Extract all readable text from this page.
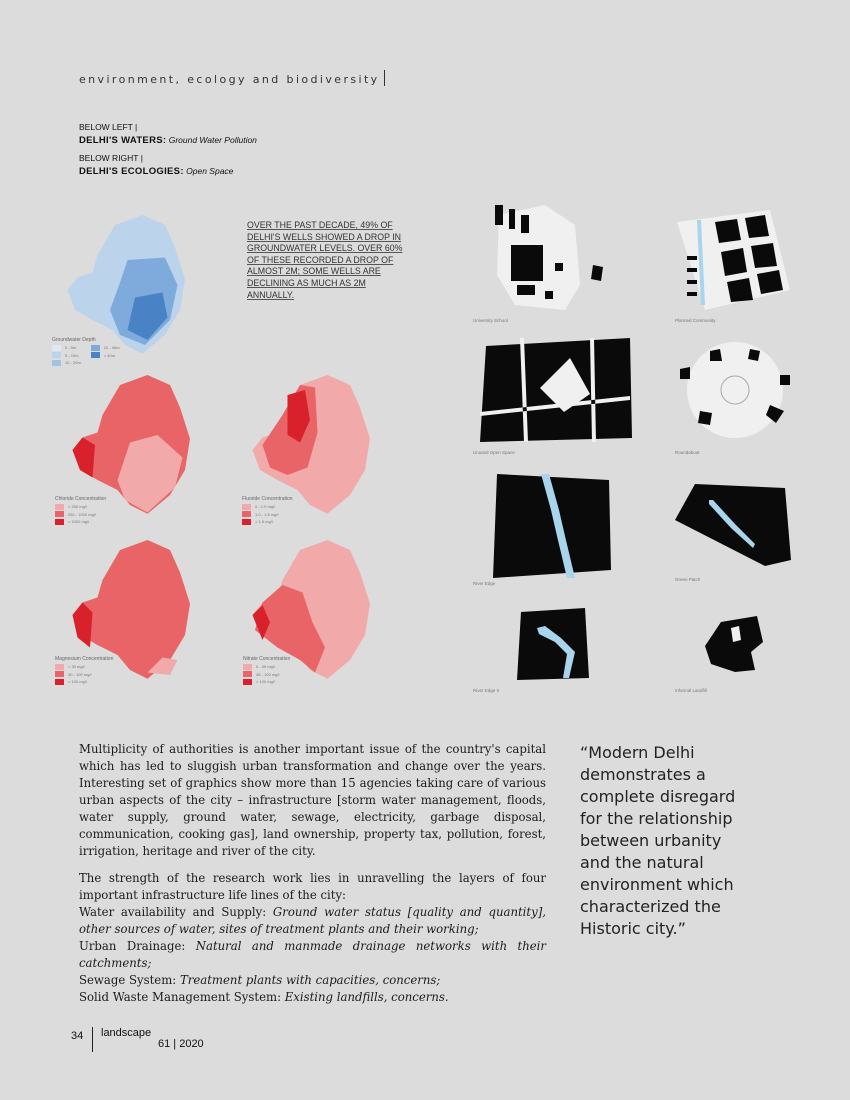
environment, ecology and biodiversity
BELOW LEFT |
DELHI'S WATERS: Ground Water Pollution
BELOW RIGHT |
DELHI'S ECOLOGIES: Open Space
OVER THE PAST DECADE, 49% OF DELHI'S WELLS SHOWED A DROP IN GROUNDWATER LEVELS. OVER 60% OF THESE RECORDED A DROP OF ALMOST 2M; SOME WELLS ARE DECLINING AS MUCH AS 2M ANNUALLY.
Groundwater Depth
0 - 5m
5 - 10m
10 - 20m
20 - 40m
> 40m
Chloride Concentration
< 250 mg/l
250 - 1000 mg/l
> 1000 mg/l
Fluoride Concentration
0 - 1.0 mg/l
1.0 - 1.5 mg/l
> 1.5 mg/l
Magnesium Concentration
< 30 mg/l
30 - 100 mg/l
> 100 mg/l
Nitrate Concentration
0 - 45 mg/l
45 - 100 mg/l
> 100 mg/l
University School	Planned Community
Unused Open Space	Roundabout
River Edge
Green Patch
River Edge II	Informal Landfill

Multiplicity of authorities is another important issue of the country's capital which has led to sluggish urban transformation and change over the years. Interesting set of graphics show more than 15 agencies taking care of various urban aspects of the city – infrastructure [storm water management, floods, water supply, ground water, sewage, electricity, garbage disposal, communication, cooking gas], land ownership, property tax, pollution, forest, irrigation, heritage and river of the city.

The strength of the research work lies in unravelling the layers of four important infrastructure life lines of the city:
Water availability and Supply: Ground water status [quality and quantity], other sources of water, sites of treatment plants and their working;
Urban Drainage: Natural and manmade drainage networks with their catchments;
Sewage System: Treatment plants with capacities, concerns;
Solid Waste Management System: Existing landfills, concerns.

“Modern Delhi demonstrates a complete disregard for the relationship between urbanity and the natural environment which characterized the Historic city.”
34 landscape
61 | 2020
